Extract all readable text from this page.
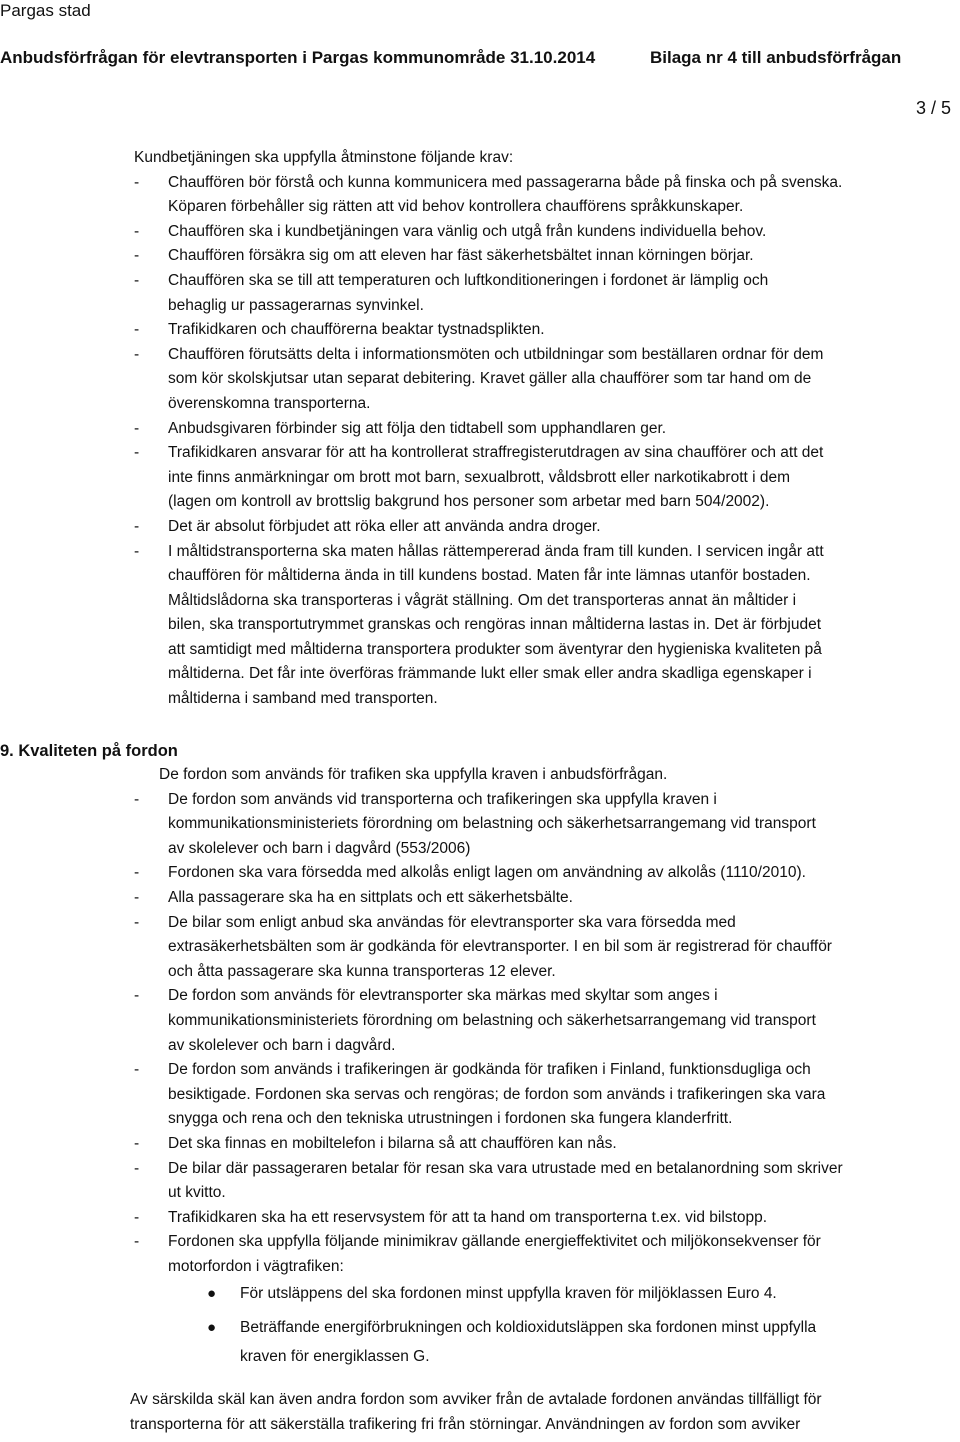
Pargas stad
Anbudsförfrågan för elevtransporten i Pargas kommunområde 31.10.2014	Bilaga nr 4 till anbudsförfrågan
3 / 5
Kundbetjäningen ska uppfylla åtminstone följande krav:
- Chauffören bör förstå och kunna kommunicera med passagerarna både på finska och på svenska.
Köparen förbehåller sig rätten att vid behov kontrollera chaufförens språkkunskaper.
- Chauffören ska i kundbetjäningen vara vänlig och utgå från kundens individuella behov.
- Chauffören försäkra sig om att eleven har fäst säkerhetsbältet innan körningen börjar.
- Chauffören ska se till att temperaturen och luftkonditioneringen i fordonet är lämplig och
behaglig ur passagerarnas synvinkel.
- Trafikidkaren och chaufförerna beaktar tystnadsplikten.
- Chauffören förutsätts delta i informationsmöten och utbildningar som beställaren ordnar för dem
som kör skolskjutsar utan separat debitering. Kravet gäller alla chaufförer som tar hand om de
överenskomna transporterna.
- Anbudsgivaren förbinder sig att följa den tidtabell som upphandlaren ger.
- Trafikidkaren ansvarar för att ha kontrollerat straffregisterutdragen av sina chaufförer och att det
inte finns anmärkningar om brott mot barn, sexualbrott, våldsbrott eller narkotikabrott i dem
(lagen om kontroll av brottslig bakgrund hos personer som arbetar med barn 504/2002).
- Det är absolut förbjudet att röka eller att använda andra droger.
- I måltidstransporterna ska maten hållas rättempererad ända fram till kunden. I servicen ingår att
chauffören för måltiderna ända in till kundens bostad. Maten får inte lämnas utanför bostaden.
Måltidslådorna ska transporteras i vågrät ställning. Om det transporteras annat än måltider i
bilen, ska transportutrymmet granskas och rengöras innan måltiderna lastas in. Det är förbjudet
att samtidigt med måltiderna transportera produkter som äventyrar den hygieniska kvaliteten på
måltiderna. Det får inte överföras främmande lukt eller smak eller andra skadliga egenskaper i
måltiderna i samband med transporten.
9. Kvaliteten på fordon
De fordon som används för trafiken ska uppfylla kraven i anbudsförfrågan.
- De fordon som används vid transporterna och trafikeringen ska uppfylla kraven i
kommunikationsministeriets förordning om belastning och säkerhetsarrangemang vid transport
av skolelever och barn i dagvård (553/2006)
- Fordonen ska vara försedda med alkolås enligt lagen om användning av alkolås (1110/2010).
- Alla passagerare ska ha en sittplats och ett säkerhetsbälte.
- De bilar som enligt anbud ska användas för elevtransporter ska vara försedda med
extrasäkerhetsbälten som är godkända för elevtransporter. I en bil som är registrerad för chaufför
och åtta passagerare ska kunna transporteras 12 elever.
- De fordon som används för elevtransporter ska märkas med skyltar som anges i
kommunikationsministeriets förordning om belastning och säkerhetsarrangemang vid transport
av skolelever och barn i dagvård.
- De fordon som används i trafikeringen är godkända för trafiken i Finland, funktionsdugliga och
besiktigade. Fordonen ska servas och rengöras; de fordon som används i trafikeringen ska vara
snygga och rena och den tekniska utrustningen i fordonen ska fungera klanderfritt.
- Det ska finnas en mobiltelefon i bilarna så att chauffören kan nås.
- De bilar där passageraren betalar för resan ska vara utrustade med en betalanordning som skriver
ut kvitto.
- Trafikidkaren ska ha ett reservsystem för att ta hand om transporterna t.ex. vid bilstopp.
- Fordonen ska uppfylla följande minimikrav gällande energieffektivitet och miljökonsekvenser för
motorfordon i vägtrafiken:
● För utsläppens del ska fordonen minst uppfylla kraven för miljöklassen Euro 4.
● Beträffande energiförbrukningen och koldioxidutsläppen ska fordonen minst uppfylla
kraven för energiklassen G.
Av särskilda skäl kan även andra fordon som avviker från de avtalade fordonen användas tillfälligt för
transporterna för att säkerställa trafikering fri från störningar. Användningen av fordon som avviker
